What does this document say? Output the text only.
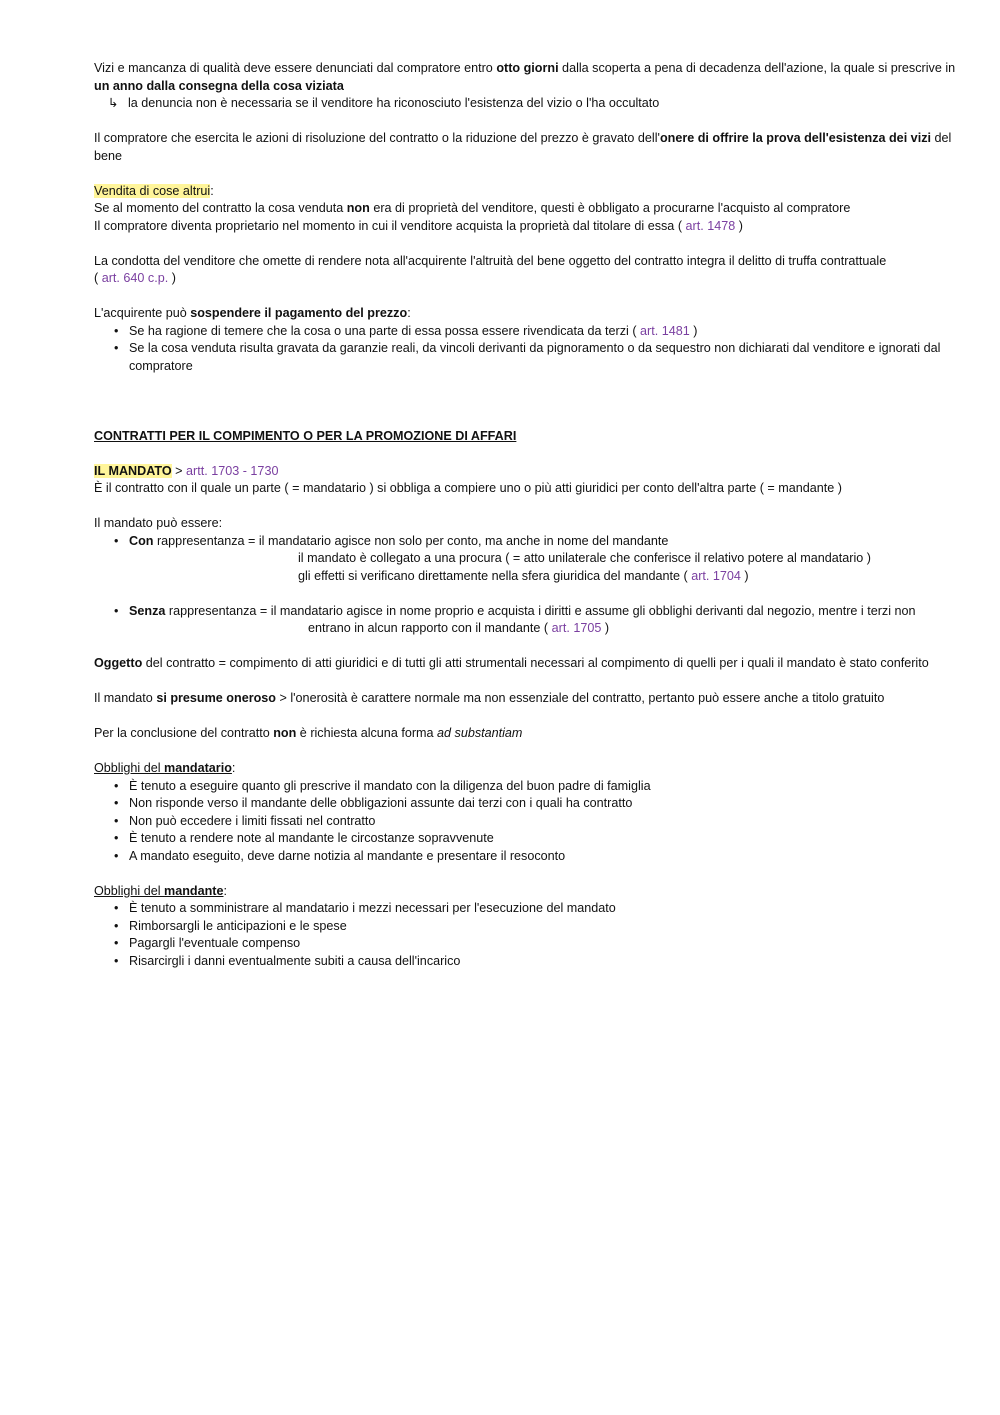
Vizi e mancanza di qualità deve essere denunciati dal compratore entro otto giorni dalla scoperta a pena di decadenza dell'azione, la quale si prescrive in
un anno dalla consegna della cosa viziata
↳ la denuncia non è necessaria se il venditore ha riconosciuto l'esistenza del vizio o l'ha occultato
Il compratore che esercita le azioni di risoluzione del contratto o la riduzione del prezzo è gravato dell'onere di offrire la prova dell'esistenza dei vizi del
bene
Vendita di cose altrui:
Se al momento del contratto la cosa venduta non era di proprietà del venditore, questi è obbligato a procurarne l'acquisto al compratore
Il compratore diventa proprietario nel momento in cui il venditore acquista la proprietà dal titolare di essa ( art. 1478 )
La condotta del venditore che omette di rendere nota all'acquirente l'altruità del bene oggetto del contratto integra il delitto di truffa contrattuale
( art. 640 c.p. )
L'acquirente può sospendere il pagamento del prezzo:
• Se ha ragione di temere che la cosa o una parte di essa possa essere rivendicata da terzi ( art. 1481 )
• Se la cosa venduta risulta gravata da garanzie reali, da vincoli derivanti da pignoramento o da sequestro non dichiarati dal venditore e ignorati dal
compratore
CONTRATTI PER IL COMPIMENTO O PER LA PROMOZIONE DI AFFARI
IL MANDATO > artt. 1703 - 1730
È il contratto con il quale un parte ( = mandatario ) si obbliga a compiere uno o più atti giuridici per conto dell'altra parte ( = mandante )
Il mandato può essere:
• Con rappresentanza = il mandatario agisce non solo per conto, ma anche in nome del mandante
il mandato è collegato a una procura ( = atto unilaterale che conferisce il relativo potere al mandatario )
gli effetti si verificano direttamente nella sfera giuridica del mandante ( art. 1704 )
• Senza rappresentanza = il mandatario agisce in nome proprio e acquista i diritti e assume gli obblighi derivanti dal negozio, mentre i terzi non
entrano in alcun rapporto con il mandante ( art. 1705 )
Oggetto del contratto = compimento di atti giuridici e di tutti gli atti strumentali necessari al compimento di quelli per i quali il mandato è stato conferito
Il mandato si presume oneroso > l'onerosità è carattere normale ma non essenziale del contratto, pertanto può essere anche a titolo gratuito
Per la conclusione del contratto non è richiesta alcuna forma ad substantiam
Obblighi del mandatario:
• È tenuto a eseguire quanto gli prescrive il mandato con la diligenza del buon padre di famiglia
• Non risponde verso il mandante delle obbligazioni assunte dai terzi con i quali ha contratto
• Non può eccedere i limiti fissati nel contratto
• È tenuto a rendere note al mandante le circostanze sopravvenute
• A mandato eseguito, deve darne notizia al mandante e presentare il resoconto
Obblighi del mandante:
• È tenuto a somministrare al mandatario i mezzi necessari per l'esecuzione del mandato
• Rimborsargli le anticipazioni e le spese
• Pagargli l'eventuale compenso
• Risarcirgli i danni eventualmente subiti a causa dell'incarico
